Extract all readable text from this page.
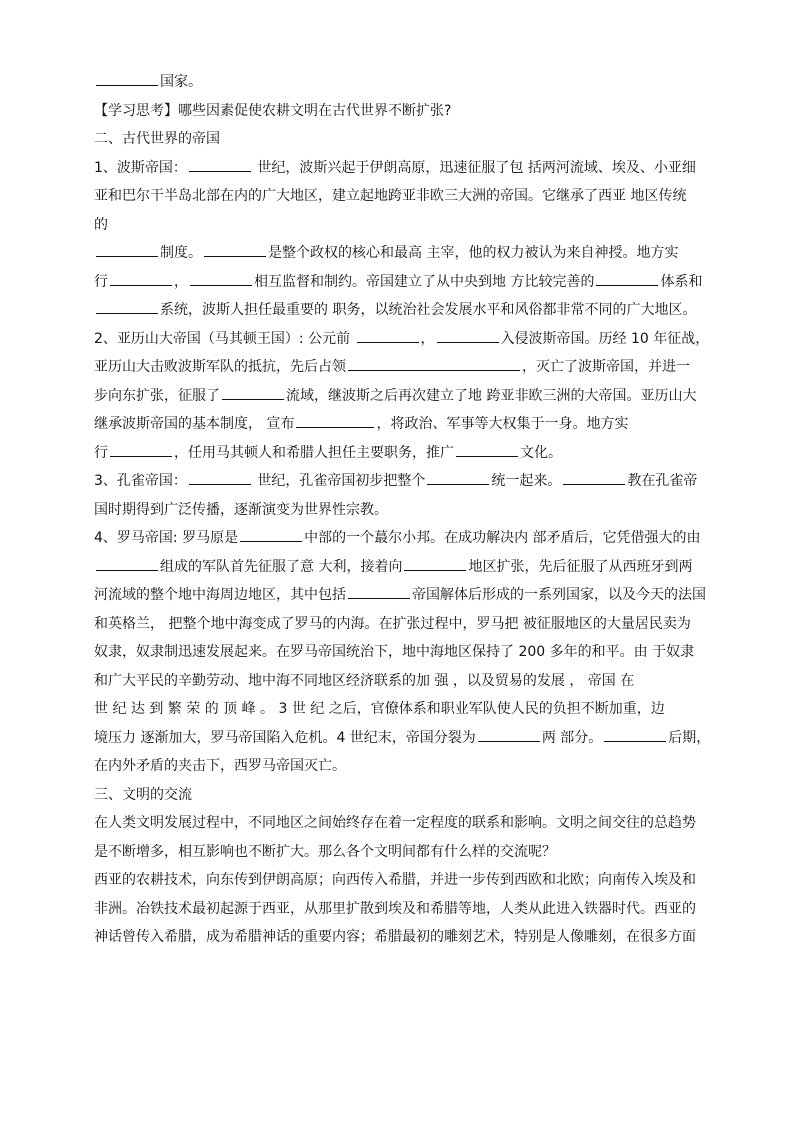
国家。
【学习思考】哪些因素促使农耕文明在古代世界不断扩张?
二、古代世界的帝国
1、波斯帝国：	世纪，波斯兴起于伊朗高原，迅速征服了包 括两河流域、埃及、小亚细
亚和巴尔干半岛北部在内的广大地区，建立起地跨亚非欧三大洲的帝国。它继承了西亚 地区传统
的
制度。	是整个政权的核心和最高 主宰，他的权力被认为来自神授。地方实
行	，	相互监督和制约。帝国建立了从中央到地 方比较完善的	体系和
系统，波斯人担任最重要的 职务，以统治社会发展水平和风俗都非常不同的广大地区。
2、亚历山大帝国（马其顿王国）: 公元前	，	入侵波斯帝国。历经 10 年征战，
亚历山大击败波斯军队的抵抗，先后占领	，灭亡了波斯帝国，并进一
步向东扩张，征服了	流域，继波斯之后再次建立了地 跨亚非欧三洲的大帝国。亚历山大
继承波斯帝国的基本制度， 宣布	，将政治、军事等大权集于一身。地方实
行	，任用马其顿人和希腊人担任主要职务，推广	文化。
3、孔雀帝国：	世纪，孔雀帝国初步把整个	统一起来。	教在孔雀帝
国时期得到广泛传播，逐渐演变为世界性宗教。
4、罗马帝国: 罗马原是	中部的一个蕞尔小邦。在成功解决内 部矛盾后，它凭借强大的由
组成的军队首先征服了意 大利，接着向	地区扩张，先后征服了从西班牙到两
河流域的整个地中海周边地区，其中包括	帝国解体后形成的一系列国家，以及今天的法国
和英格兰， 把整个地中海变成了罗马的内海。在扩张过程中，罗马把 被征服地区的大量居民卖为
奴隶，奴隶制迅速发展起来。在罗马帝国统治下，地中海地区保持了 200 多年的和平。由 于奴隶
和广大平民的辛勤劳动、地中海不同地区经济联系的加 强 ，以及贸易的发展 ， 帝国 在
世 纪 达 到 繁 荣 的 顶 峰 。 3 世 纪 之后，官僚体系和职业军队使人民的负担不断加重，边
境压力 逐渐加大，罗马帝国陷入危机。4 世纪末，帝国分裂为	两 部分。	后期，
在内外矛盾的夹击下，西罗马帝国灭亡。
三、文明的交流
在人类文明发展过程中，不同地区之间始终存在着一定程度的联系和影响。文明之间交往的总趋势
是不断增多，相互影响也不断扩大。那么各个文明间都有什么样的交流呢？
西亚的农耕技术，向东传到伊朗高原；向西传入希腊，并进一步传到西欧和北欧；向南传入埃及和
非洲。冶铁技术最初起源于西亚，从那里扩散到埃及和希腊等地，人类从此进入铁器时代。西亚的
神话曾传入希腊，成为希腊神话的重要内容；希腊最初的雕刻艺术，特别是人像雕刻，在很多方面
